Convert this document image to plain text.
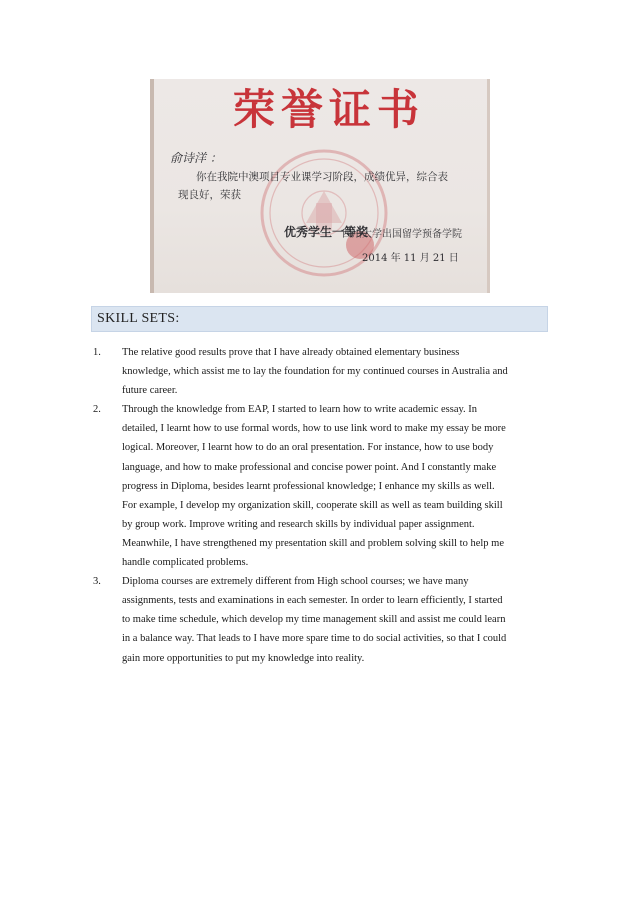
荣誉证书
俞诗洋 ：
你在我院中澳项目专业课学习阶段，成绩优异，综合表
现良好，荣获
优秀学生一等奖
四川大学出国留学预备学院
2014 年 11 月 21 日
SKILL SETS:
1.	The relative good results prove that I have already obtained elementary business
knowledge, which assist me to lay the foundation for my continued courses in Australia and
future career.
2.	Through the knowledge from EAP, I started to learn how to write academic essay. In
detailed, I learnt how to use formal words, how to use link word to make my essay be more
logical. Moreover, I learnt how to do an oral presentation. For instance, how to use body
language, and how to make professional and concise power point. And I constantly make
progress in Diploma, besides learnt professional knowledge; I enhance my skills as well.
For example, I develop my organization skill, cooperate skill as well as team building skill
by group work. Improve writing and research skills by individual paper assignment.
Meanwhile, I have strengthened my presentation skill and problem solving skill to help me
handle complicated problems.
3.	Diploma courses are extremely different from High school courses; we have many
assignments, tests and examinations in each semester. In order to learn efficiently, I started
to make time schedule, which develop my time management skill and assist me could learn
in a balance way. That leads to I have more spare time to do social activities, so that I could
gain more opportunities to put my knowledge into reality.
